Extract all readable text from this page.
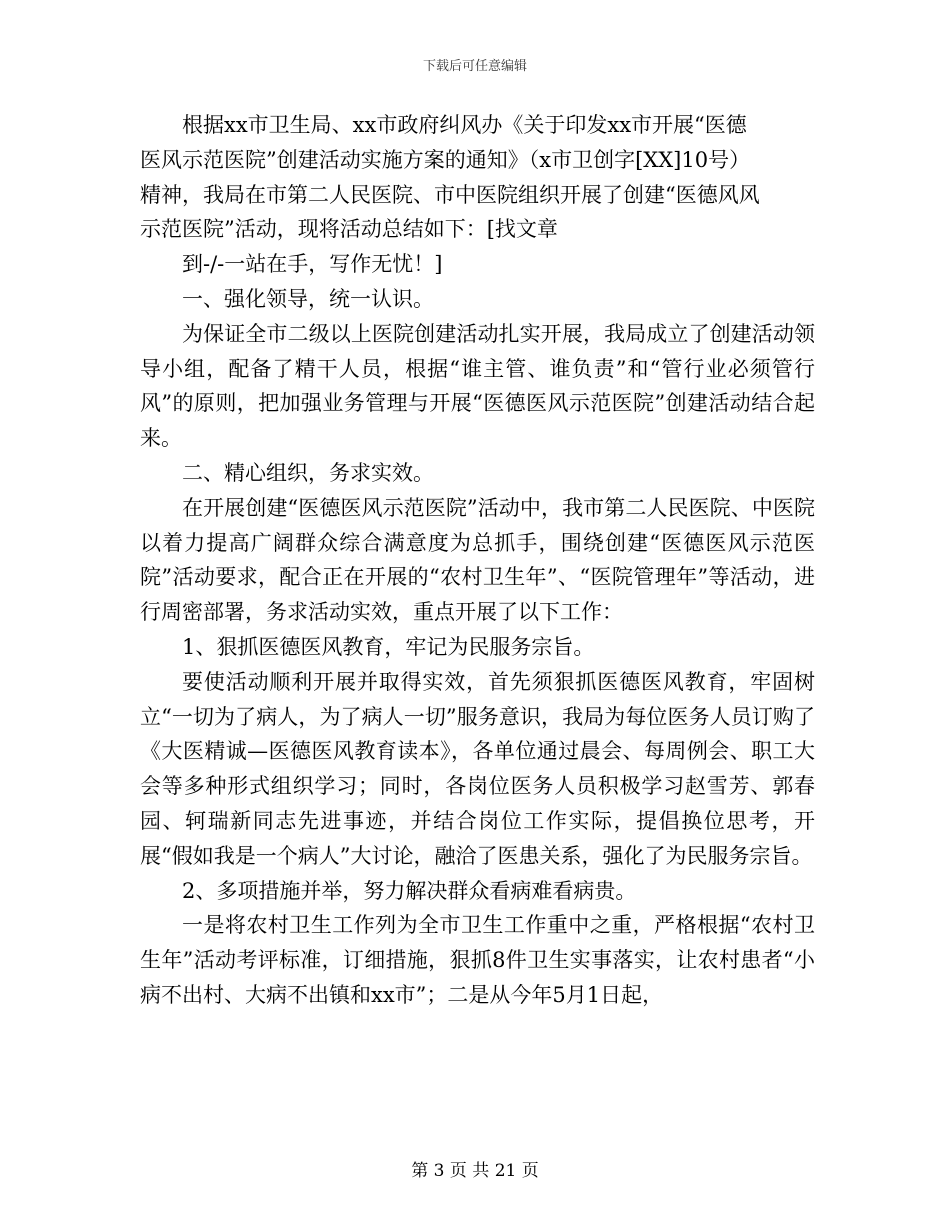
下载后可任意编辑

根据xx市卫生局、xx市政府纠风办《关于印发xx市开展“医德

医风示范医院”创建活动实施方案的通知》（x市卫创字[XX]10号）

精神，我局在市第二人民医院、市中医院组织开展了创建“医德风风

示范医院”活动，现将活动总结如下：[找文章

到-/-一站在手，写作无忧！]

一、强化领导，统一认识。

为保证全市二级以上医院创建活动扎实开展，我局成立了创建活动领导小组，配备了精干人员，根据“谁主管、谁负责”和“管行业必须管行风”的原则，把加强业务管理与开展“医德医风示范医院”创建活动结合起来。

二、精心组织，务求实效。

在开展创建“医德医风示范医院”活动中，我市第二人民医院、中医院以着力提高广阔群众综合满意度为总抓手，围绕创建“医德医风示范医院”活动要求，配合正在开展的“农村卫生年”、“医院管理年”等活动，进行周密部署，务求活动实效，重点开展了以下工作：

1、狠抓医德医风教育，牢记为民服务宗旨。

要使活动顺利开展并取得实效，首先须狠抓医德医风教育，牢固树立“一切为了病人，为了病人一切”服务意识，我局为每位医务人员订购了《大医精诚—医德医风教育读本》，各单位通过晨会、每周例会、职工大会等多种形式组织学习；同时，各岗位医务人员积极学习赵雪芳、郭春园、轲瑞新同志先进事迹，并结合岗位工作实际，提倡换位思考，开展“假如我是一个病人”大讨论，融洽了医患关系，强化了为民服务宗旨。

2、多项措施并举，努力解决群众看病难看病贵。

一是将农村卫生工作列为全市卫生工作重中之重，严格根据“农村卫生年”活动考评标准，订细措施，狠抓8件卫生实事落实，让农村患者“小病不出村、大病不出镇和xx市”；二是从今年5月1日起，

第 3 页 共 21 页
